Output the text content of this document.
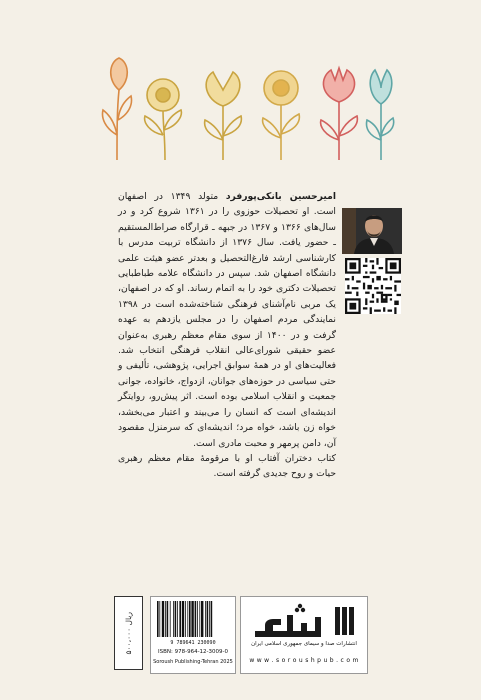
امیرحسین بانکی‌پورفرد متولد ۱۳۴۹ در اصفهان است. او تحصیلات حوزوی را در ۱۳۶۱ شروع کرد و در سال‌های ۱۳۶۶ و ۱۳۶۷ در جبهه ـ قرارگاه صراط‌المستقیم ـ حضور یافت. سال ۱۳۷۶ از دانشگاه تربیت مدرس با کارشناسی ارشد فارغ‌التحصیل و بعدتر عضو هیئت علمی دانشگاه اصفهان شد. سپس در دانشگاه علامه طباطبایی تحصیلات دکتری خود را به اتمام رساند. او که در اصفهان، یک مربی نام‌آشنای فرهنگی شناخته‌شده است در ۱۳۹۸ نمایندگی مردم اصفهان را در مجلس یازدهم به عهده گرفت و در ۱۴۰۰ از سوی مقام معظم رهبری به‌عنوان عضو حقیقی شورای‌عالی انقلاب فرهنگی انتخاب شد. فعالیت‌های او در همهٔ سوابق اجرایی، پژوهشی، تألیفی و حتی سیاسی در حوزه‌های جوانان، ازدواج، خانواده، جوانی جمعیت و انقلاب اسلامی بوده است. اثر پیش‌رو، روایتگر اندیشه‌ای است که انسان را می‌بیند و اعتبار می‌بخشد، خواه زن باشد، خواه مرد؛ اندیشه‌ای که سرمنزل مقصود آن، دامن پرمهر و محبت مادری است.

کتاب دختران آفتاب او با مرقومهٔ مقام معظم رهبری حیات و روح جدیدی گرفته است.

۵۰۰،۰۰۰ ریال
9 789641 230090
ISBN: 978-964-12-3009-0
Soroush Publishing-Tehran 2025
انتشارات صدا و سیمای جمهوری اسلامی ایران
w w w . s o r o u s h p u b . c o m
